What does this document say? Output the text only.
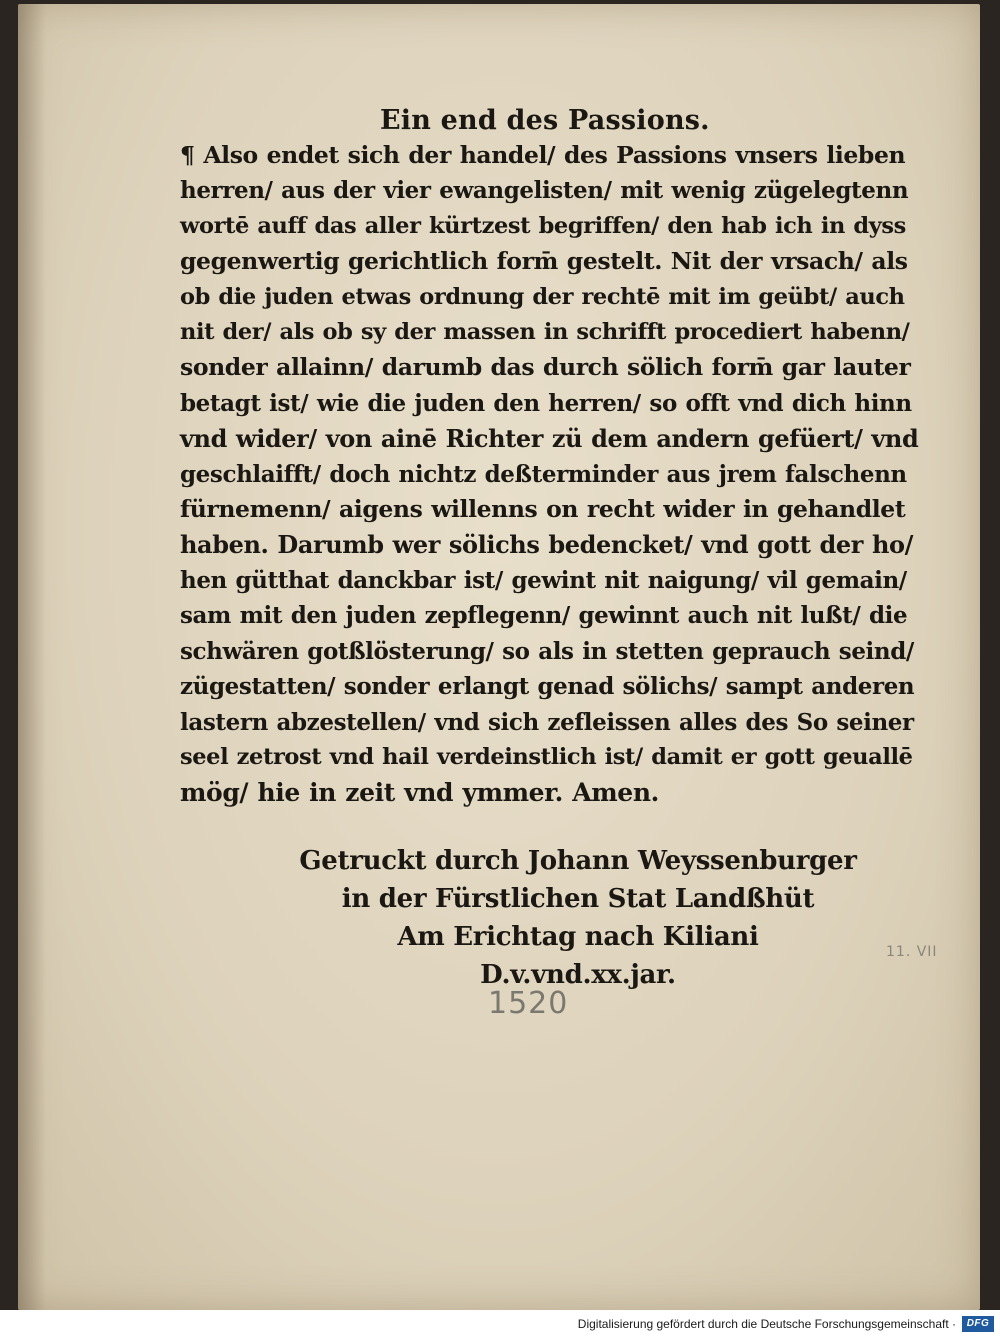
Ein end des Passions.

¶ Also endet sich der handel/ des Passions vnsers lieben
herren/ aus der vier ewangelisten/ mit wenig zügelegtenn
wortē auff das aller kürtzest begriffen/ den hab ich in dyss
gegenwertig gerichtlich form̄ gestelt. Nit der vrsach/ als
ob die juden etwas ordnung der rechtē mit im geübt/ auch
nit der/ als ob sy der massen in schrifft procediert habenn/
sonder allainn/ darumb das durch sölich form̄ gar lauter
betagt ist/ wie die juden den herren/ so offt vnd dich hinn
vnd wider/ von ainē Richter zü dem andern gefüert/ vnd
geschlaifft/ doch nichtz deßterminder aus jrem falschenn
fürnemenn/ aigens willenns on recht wider in gehandlet
haben. Darumb wer sölichs bedencket/ vnd gott der ho/
hen gütthat danckbar ist/ gewint nit naigung/ vil gemain/
sam mit den juden zepflegenn/ gewinnt auch nit lußt/ die
schwären gotßlösterung/ so als in stetten geprauch seind/
zügestatten/ sonder erlangt genad sölichs/ sampt anderen
lastern abzestellen/ vnd sich zefleissen alles des So seiner
seel zetrost vnd hail verdeinstlich ist/ damit er gott geuallē
mög/ hie in zeit vnd ymmer. Amen.
Getruckt durch Johann Weyssenburger
in der Fürstlichen Stat Landßhüt
Am Erichtag nach Kiliani
D.v.vnd.xx.jar.
1520
11. VII
Digitalisierung gefördert durch die Deutsche Forschungsgemeinschaft ·	DFG
